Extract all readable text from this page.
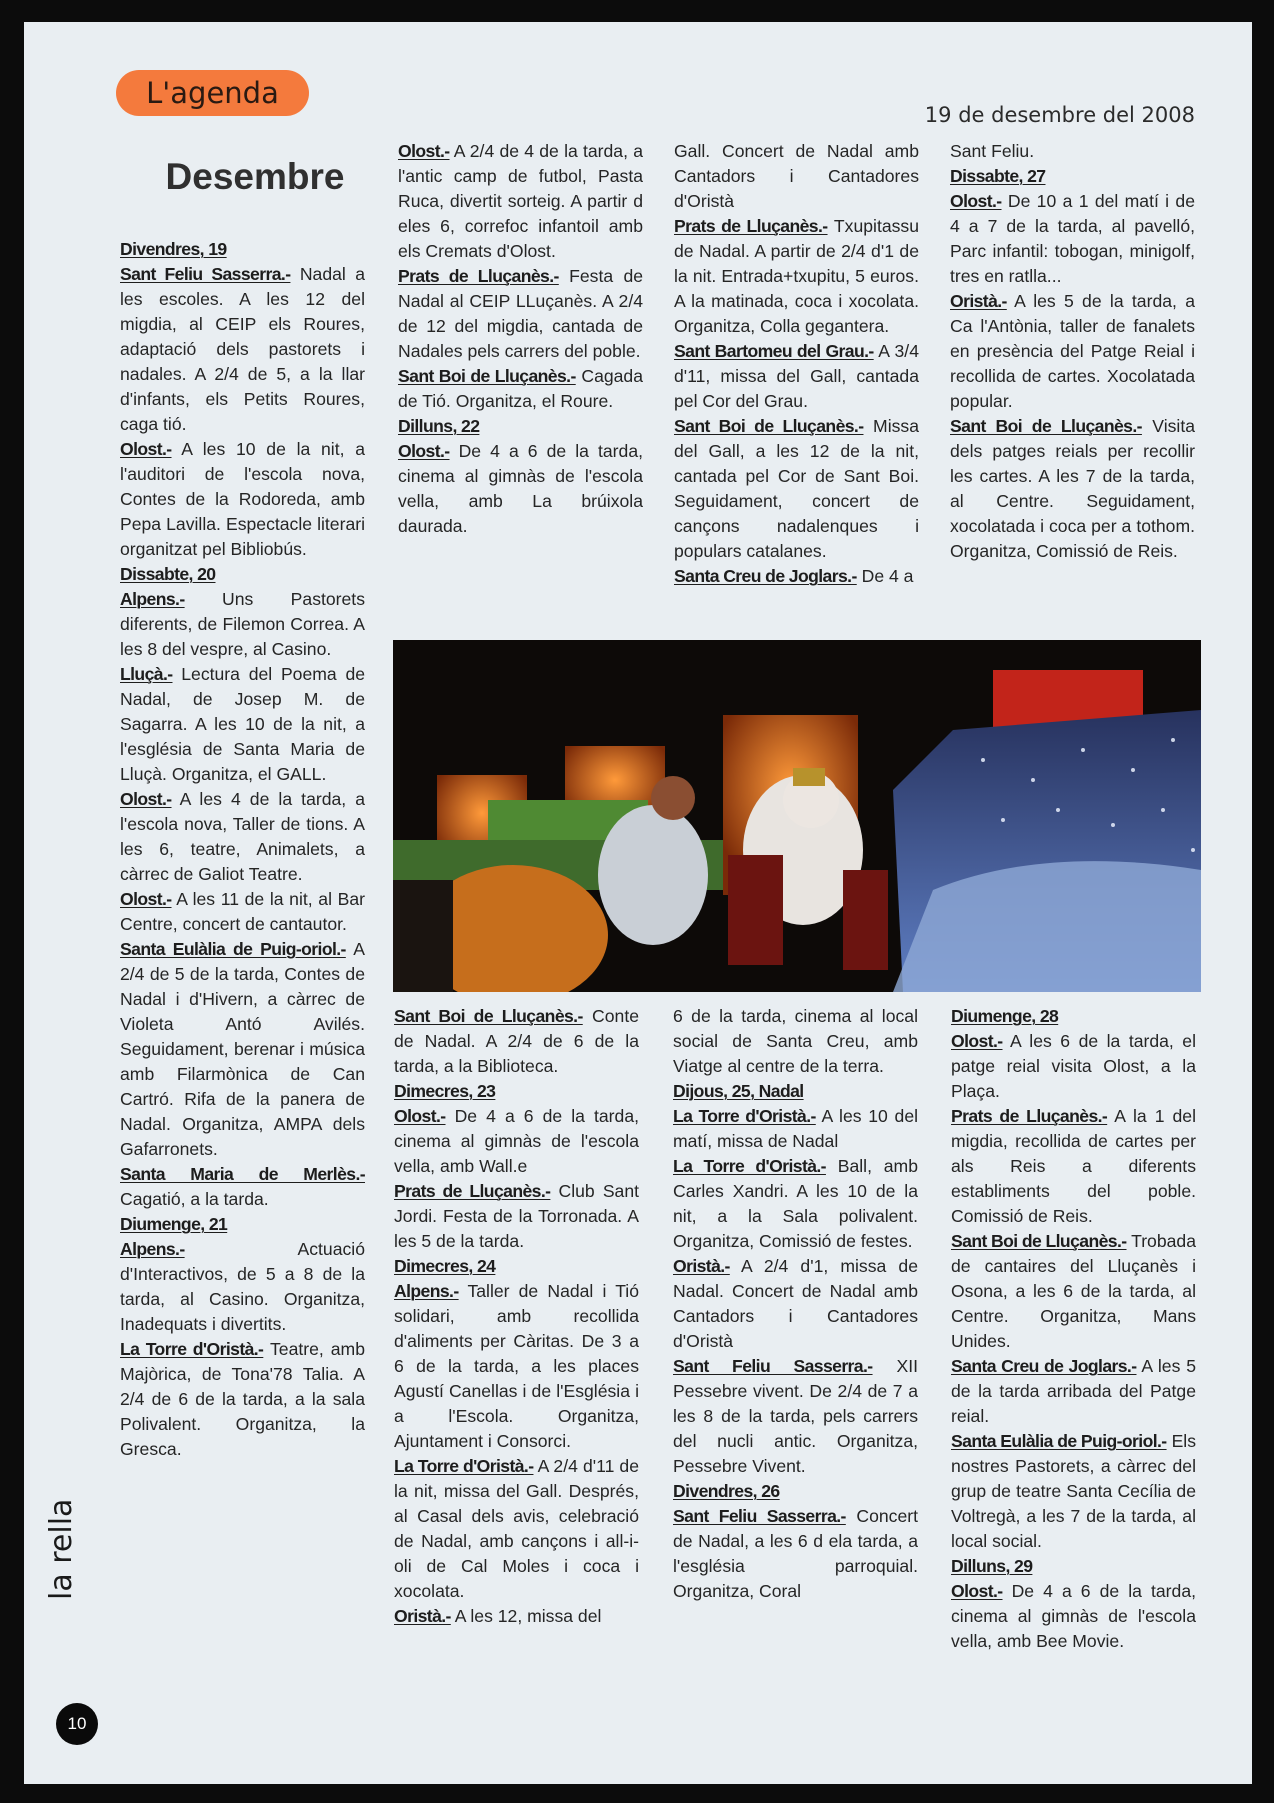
L'agenda
19 de desembre del 2008
Desembre

Divendres, 19

Sant Feliu Sasserra.- Nadal a les escoles. A les 12 del migdia, al CEIP els Roures, adaptació dels pastorets i nadales. A 2/4 de 5, a la llar d'infants, els Petits Roures, caga tió.

Olost.- A les 10 de la nit, a l'auditori de l'escola nova, Contes de la Rodoreda, amb Pepa Lavilla. Espectacle literari organitzat pel Bibliobús.

Dissabte, 20

Alpens.- Uns Pastorets diferents, de Filemon Correa. A les 8 del vespre, al Casino.

Lluçà.- Lectura del Poema de Nadal, de Josep M. de Sagarra. A les 10 de la nit, a l'església de Santa Maria de Lluçà. Organitza, el GALL.

Olost.- A les 4 de la tarda, a l'escola nova, Taller de tions. A les 6, teatre, Animalets, a càrrec de Galiot Teatre.

Olost.- A les 11 de la nit, al Bar Centre, concert de cantautor.

Santa Eulàlia de Puig-oriol.- A 2/4 de 5 de la tarda, Contes de Nadal i d'Hivern, a càrrec de Violeta Antó Avilés. Seguidament, berenar i música amb Filarmònica de Can Cartró. Rifa de la panera de Nadal. Organitza, AMPA dels Gafarronets.

Santa Maria de Merlès.- Cagatió, a la tarda.

Diumenge, 21

Alpens.-	Actuació d'Interactivos, de 5 a 8 de la tarda, al Casino. Organitza, Inadequats i divertits.

La Torre d'Oristà.- Teatre, amb Majòrica, de Tona'78 Talia. A 2/4 de 6 de la tarda, a la sala Polivalent. Organitza, la Gresca.

Olost.- A 2/4 de 4 de la tarda, a l'antic camp de futbol, Pasta Ruca, divertit sorteig. A partir d eles 6, correfoc infantoil amb els Cremats d'Olost.

Prats de Lluçanès.- Festa de Nadal al CEIP LLuçanès. A 2/4 de 12 del migdia, cantada de Nadales pels carrers del poble.

Sant Boi de Lluçanès.- Cagada de Tió. Organitza, el Roure.

Dilluns, 22

Olost.- De 4 a 6 de la tarda, cinema al gimnàs de l'escola vella, amb La brúixola daurada.

Gall. Concert de Nadal amb Cantadors i Cantadores d'Oristà

Prats de Lluçanès.- Txupitassu de Nadal. A partir de 2/4 d'1 de la nit. Entrada+txupitu, 5 euros. A la matinada, coca i xocolata. Organitza, Colla gegantera.

Sant Bartomeu del Grau.- A 3/4 d'11, missa del Gall, cantada pel Cor del Grau.

Sant Boi de Lluçanès.- Missa del Gall, a les 12 de la nit, cantada pel Cor de Sant Boi. Seguidament, concert de cançons nadalenques i populars catalanes.

Santa Creu de Joglars.- De 4 a

Sant Feliu.

Dissabte, 27

Olost.- De 10 a 1 del matí i de 4 a 7 de la tarda, al pavelló, Parc infantil: tobogan, minigolf, tres en ratlla...

Oristà.- A les 5 de la tarda, a Ca l'Antònia, taller de fanalets en presència del Patge Reial i recollida de cartes. Xocolatada popular.

Sant Boi de Lluçanès.- Visita dels patges reials per recollir les cartes. A les 7 de la tarda, al Centre. Seguidament, xocolatada i coca per a tothom. Organitza, Comissió de Reis.

Sant Boi de Lluçanès.- Conte de Nadal. A 2/4 de 6 de la tarda, a la Biblioteca.

Dimecres, 23

Olost.- De 4 a 6 de la tarda, cinema al gimnàs de l'escola vella, amb Wall.e

Prats de Lluçanès.- Club Sant Jordi. Festa de la Torronada. A les 5 de la tarda.

Dimecres, 24

Alpens.- Taller de Nadal i Tió solidari, amb recollida d'aliments per Càritas. De 3 a 6 de la tarda, a les places Agustí Canellas i de l'Església i a l'Escola. Organitza, Ajuntament i Consorci.

La Torre d'Oristà.- A 2/4 d'11 de la nit, missa del Gall. Després, al Casal dels avis, celebració de Nadal, amb cançons i all-i-oli de Cal Moles i coca i xocolata.

Oristà.- A les 12, missa del

6 de la tarda, cinema al local social de Santa Creu, amb Viatge al centre de la terra.

Dijous, 25, Nadal

La Torre d'Oristà.- A les 10 del matí, missa de Nadal

La Torre d'Oristà.- Ball, amb Carles Xandri. A les 10 de la nit, a la Sala polivalent. Organitza, Comissió de festes.

Oristà.- A 2/4 d'1, missa de Nadal. Concert de Nadal amb Cantadors i Cantadores d'Oristà

Sant Feliu Sasserra.- XII Pessebre vivent. De 2/4 de 7 a les 8 de la tarda, pels carrers del nucli antic. Organitza, Pessebre Vivent.

Divendres, 26

Sant Feliu Sasserra.- Concert de Nadal, a les 6 d ela tarda, a l'església parroquial. Organitza, Coral

Diumenge, 28

Olost.- A les 6 de la tarda, el patge reial visita Olost, a la Plaça.

Prats de Lluçanès.- A la 1 del migdia, recollida de cartes per als Reis a diferents establiments del poble. Comissió de Reis.

Sant Boi de Lluçanès.- Trobada de cantaires del Lluçanès i Osona, a les 6 de la tarda, al Centre. Organitza, Mans Unides.

Santa Creu de Joglars.- A les 5 de la tarda arribada del Patge reial.

Santa Eulàlia de Puig-oriol.- Els nostres Pastorets, a càrrec del grup de teatre Santa Cecília de Voltregà, a les 7 de la tarda, al local social.

Dilluns, 29

Olost.- De 4 a 6 de la tarda, cinema al gimnàs de l'escola vella, amb Bee Movie.

la rella
10
